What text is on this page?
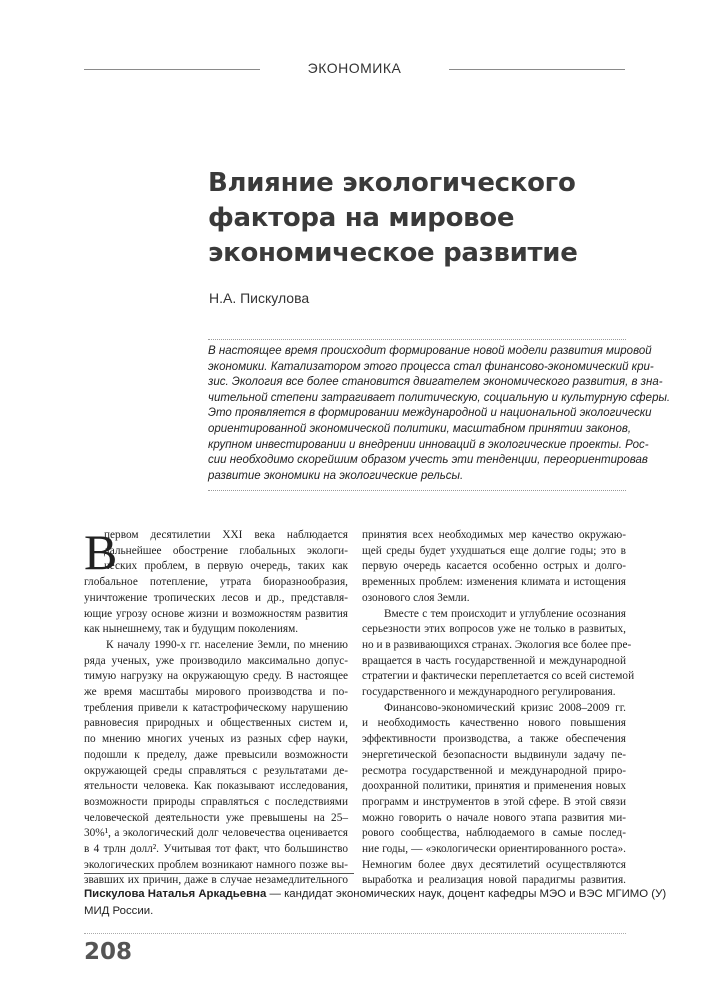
ЭКОНОМИКА
Влияние экологического
фактора на мировое
экономическое развитие
Н.А. Пискулова
В настоящее время происходит формирование новой модели развития мировой
экономики. Катализатором этого процесса стал финансово-экономический кри-
зис. Экология все более становится двигателем экономического развития, в зна-
чительной степени затрагивает политическую, социальную и культурную сферы.
Это проявляется в формировании международной и национальной экологически
ориентированной экономической политики, масштабном принятии законов,
крупном инвестировании и внедрении инноваций в экологические проекты. Рос-
сии необходимо скорейшим образом учесть эти тенденции, переориентировав
развитие экономики на экологические рельсы.
В
первом десятилетии XXI века наблюдается
дальнейшее обострение глобальных экологи-
ческих проблем, в первую очередь, таких как
глобальное потепление, утрата биоразнообразия,
уничтожение тропических лесов и др., представля-
ющие угрозу основе жизни и возможностям развития
как нынешнему, так и будущим поколениям.
К началу 1990-х гг. население Земли, по мнению
ряда ученых, уже производило максимально допус-
тимую нагрузку на окружающую среду. В настоящее
же время масштабы мирового производства и по-
требления привели к катастрофическому нарушению
равновесия природных и общественных систем и,
по мнению многих ученых из разных сфер науки,
подошли к пределу, даже превысили возможности
окружающей среды справляться с результатами де-
ятельности человека. Как показывают исследования,
возможности природы справляться с последствиями
человеческой деятельности уже превышены на 25–
30%¹, а экологический долг человечества оценивается
в 4 трлн долл². Учитывая тот факт, что большинство
экологических проблем возникают намного позже вы-
звавших их причин, даже в случае незамедлительного
принятия всех необходимых мер качество окружаю-
щей среды будет ухудшаться еще долгие годы; это в
первую очередь касается особенно острых и долго-
временных проблем: изменения климата и истощения
озонового слоя Земли.
Вместе с тем происходит и углубление осознания
серьезности этих вопросов уже не только в развитых,
но и в развивающихся странах. Экология все более пре-
вращается в часть государственной и международной
стратегии и фактически переплетается со всей системой
государственного и международного регулирования.
Финансово-экономический кризис 2008–2009 гг.
и необходимость качественно нового повышения
эффективности производства, а также обеспечения
энергетической безопасности выдвинули задачу пе-
ресмотра государственной и международной приро-
доохранной политики, принятия и применения новых
программ и инструментов в этой сфере. В этой связи
можно говорить о начале нового этапа развития ми-
рового сообщества, наблюдаемого в самые послед-
ние годы, — «экологически ориентированного роста».
Немногим более двух десятилетий осуществляются
выработка и реализация новой парадигмы развития.
Пискулова Наталья Аркадьевна — кандидат экономических наук, доцент кафедры МЭО и ВЭС МГИМО (У)
МИД России.
208
